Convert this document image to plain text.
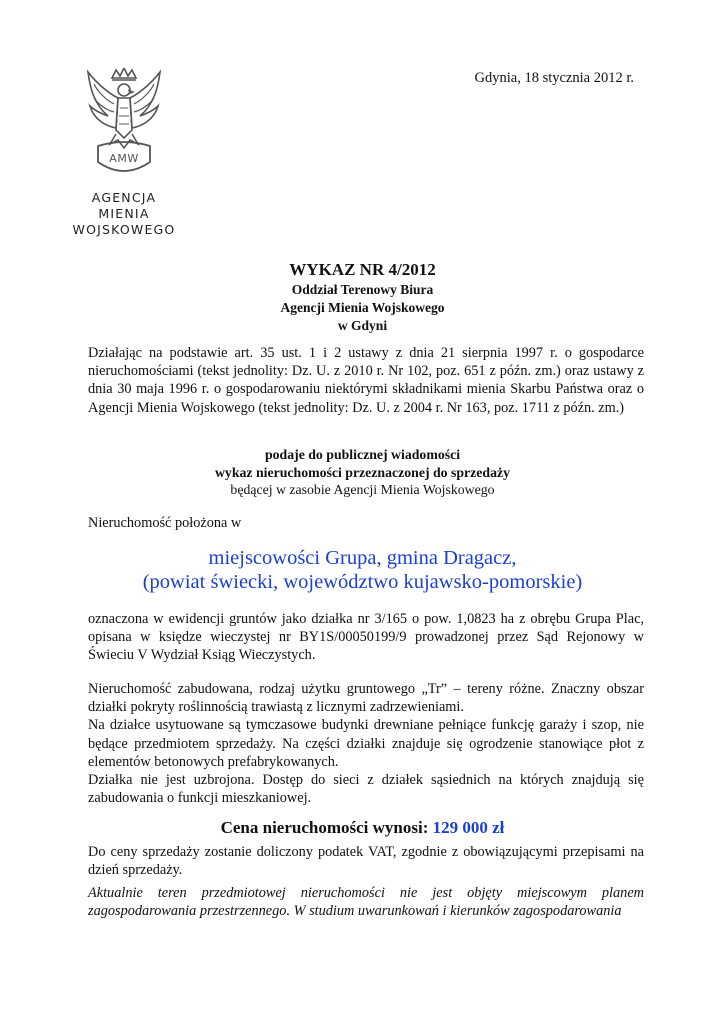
AMW
AGENCJA
MIENIA WOJSKOWEGO
Gdynia, 18 stycznia 2012 r.
WYKAZ NR 4/2012
Oddział Terenowy Biura
Agencji Mienia Wojskowego
w Gdyni
Działając na podstawie art. 35 ust. 1 i 2 ustawy z dnia 21 sierpnia 1997 r. o gospodarce nieruchomościami (tekst jednolity: Dz. U. z 2010 r. Nr 102, poz. 651 z późn. zm.) oraz ustawy z dnia 30 maja 1996 r. o gospodarowaniu niektórymi składnikami mienia Skarbu Państwa oraz o Agencji Mienia Wojskowego (tekst jednolity: Dz. U. z 2004 r. Nr 163, poz. 1711 z późn. zm.)
podaje do publicznej wiadomości
wykaz nieruchomości przeznaczonej do sprzedaży
będącej w zasobie Agencji Mienia Wojskowego
Nieruchomość położona w
miejscowości Grupa, gmina Dragacz,
(powiat świecki, województwo kujawsko-pomorskie)
oznaczona w ewidencji gruntów jako działka nr 3/165 o pow. 1,0823 ha z obrębu Grupa Plac, opisana w księdze wieczystej nr BY1S/00050199/9 prowadzonej przez Sąd Rejonowy w Świeciu V Wydział Ksiąg Wieczystych.

Nieruchomość zabudowana, rodzaj użytku gruntowego „Tr” – tereny różne. Znaczny obszar działki pokryty roślinnością trawiastą z licznymi zadrzewieniami.

Na działce usytuowane są tymczasowe budynki drewniane pełniące funkcję garaży i szop, nie będące przedmiotem sprzedaży. Na części działki znajduje się ogrodzenie stanowiące płot z elementów betonowych prefabrykowanych.

Działka nie jest uzbrojona. Dostęp do sieci z działek sąsiednich na których znajdują się zabudowania o funkcji mieszkaniowej.

Cena nieruchomości wynosi: 129 000 zł
Do ceny sprzedaży zostanie doliczony podatek VAT, zgodnie z obowiązującymi przepisami na dzień sprzedaży.
Aktualnie teren przedmiotowej nieruchomości nie jest objęty miejscowym planem zagospodarowania przestrzennego. W studium uwarunkowań i kierunków zagospodarowania
